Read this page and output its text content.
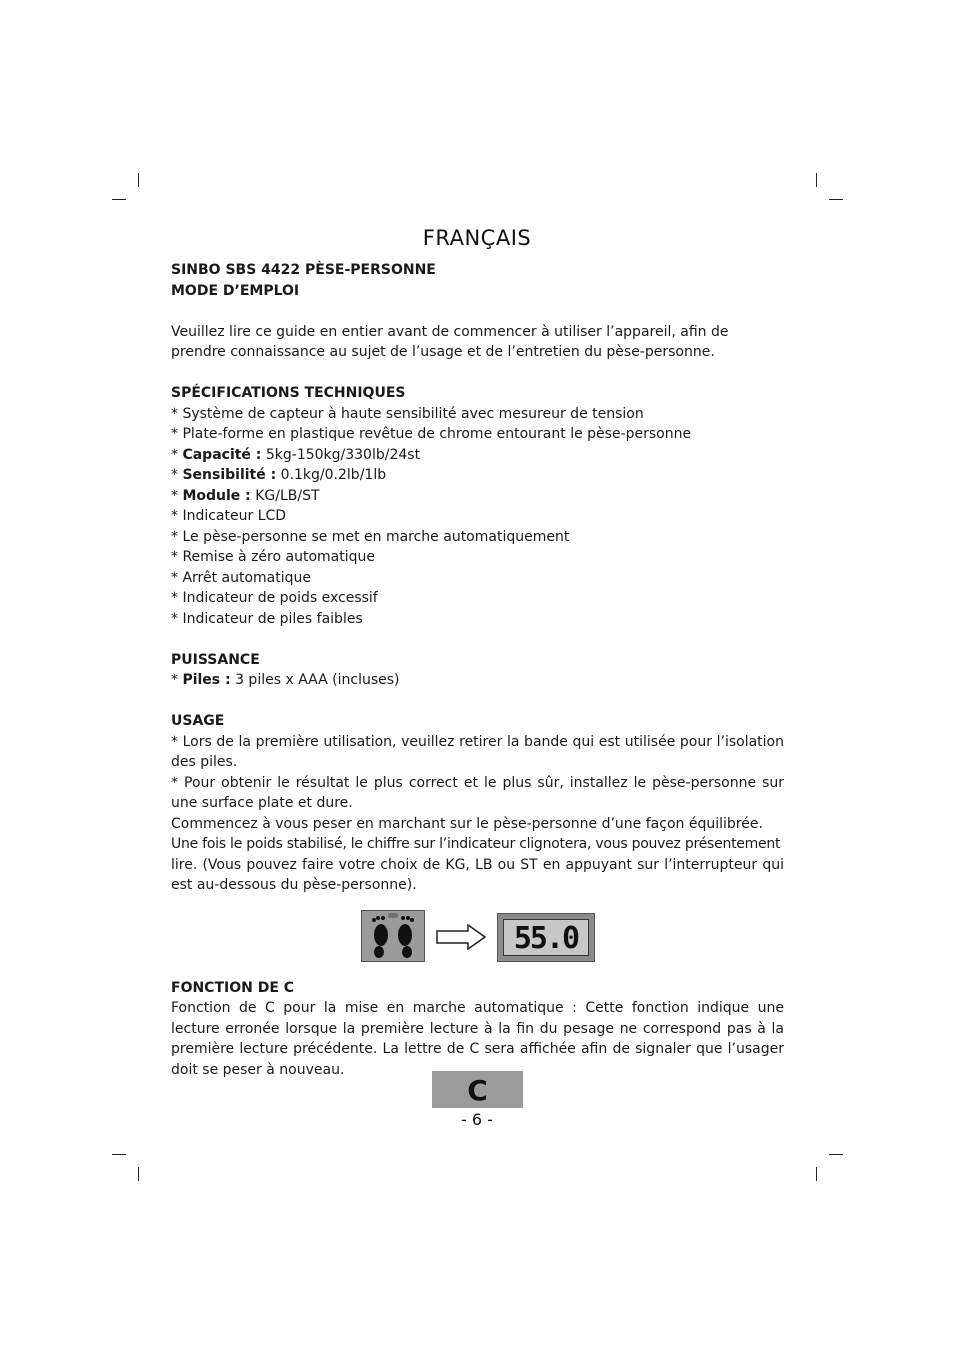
FRANÇAIS

SINBO SBS 4422 PÈSE-PERSONNE

MODE D’EMPLOI

Veuillez lire ce guide en entier avant de commencer à utiliser l’appareil, afin de prendre connaissance au sujet de l’usage et de l’entretien du pèse-personne.

SPÉCIFICATIONS TECHNIQUES

* Système de capteur à haute sensibilité avec mesureur de tension

* Plate-forme en plastique revêtue de chrome entourant le pèse-personne

* Capacité : 5kg-150kg/330lb/24st

* Sensibilité : 0.1kg/0.2lb/1lb

* Module : KG/LB/ST

* Indicateur LCD

* Le pèse-personne se met en marche automatiquement

* Remise à zéro automatique

* Arrêt automatique

* Indicateur de poids excessif

* Indicateur de piles faibles

PUISSANCE

* Piles : 3 piles x AAA (incluses)

USAGE

* Lors de la première utilisation, veuillez retirer la bande qui est utilisée pour l’isolation des piles.

* Pour obtenir le résultat le plus correct et le plus sûr, installez le pèse-personne sur une surface plate et dure.

Commencez à vous peser en marchant sur le pèse-personne d’une façon équilibrée.

Une fois le poids stabilisé, le chiffre sur l’indicateur clignotera, vous pouvez présentement

lire. (Vous pouvez faire votre choix de KG, LB ou ST en appuyant sur l’interrupteur qui est au-dessous du pèse-personne).

FONCTION DE C

Fonction de C pour la mise en marche automatique : Cette fonction indique une lecture erronée lorsque la première lecture à la fin du pesage ne correspond pas à la première lecture précédente. La lettre de C sera affichée afin de signaler que l’usager doit se peser à nouveau.

55.0
C
- 6 -
